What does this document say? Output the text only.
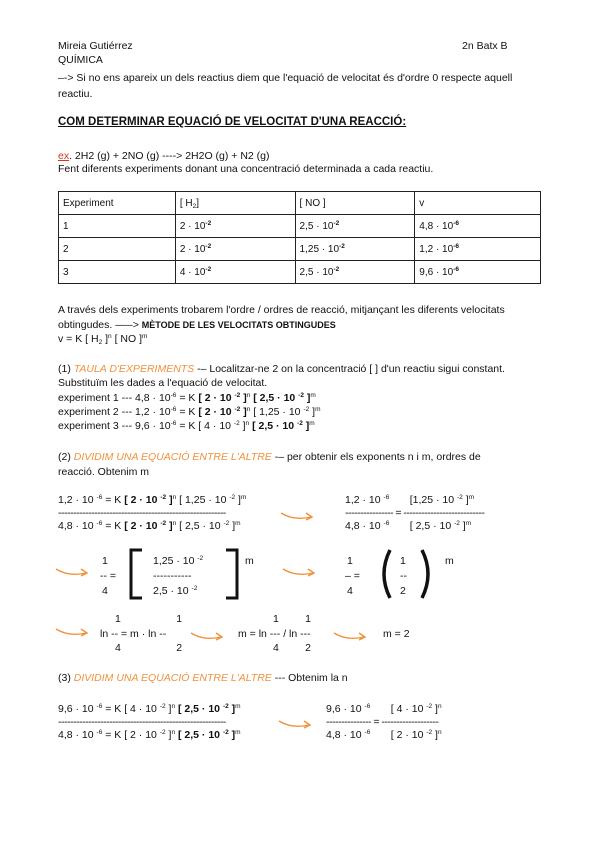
Mireia Gutiérrez
QUÍMICA
2n Batx B
–-> Si no ens apareix un dels reactius diem que l'equació de velocitat és d'ordre 0 respecte aquell
reactiu.
COM DETERMINAR EQUACIÓ DE VELOCITAT D'UNA REACCIÓ:
ex. 2H2 (g) + 2NO (g) ----> 2H2O (g) + N2 (g)
Fent diferents experiments donant una concentració determinada a cada reactiu.
Experiment	[ $H_2$]	[ NO ]	v
1	$2 \cdot 10^{-2}$	$2,5 \cdot 10^{-2}$	$4,8 \cdot 10^{-6}$
2	$2 \cdot 10^{-2}$	$1,25 \cdot 10^{-2}$	$1,2 \cdot 10^{-6}$
3	$4 \cdot 10^{-2}$	$2,5 \cdot 10^{-2}$	$9,6 \cdot 10^{-6}$
A través dels experiments trobarem l'ordre / ordres de reacció, mitjançant les diferents velocitats
obtingudes. –––> MÈTODE DE LES VELOCITATS OBTINGUDES
v = K [ $H_2$ ]$^n$ [ NO ]$^m$
(1) TAULA D'EXPERIMENTS -– Localitzar-ne 2 on la concentració [ ] d'un reactiu sigui constant.
Substituïm les dades a l'equació de velocitat.
experiment 1 --- $4,8 \cdot 10^{-6} = K$ [ 2 · 10 $^{-2}$ ]$^n$ [ 2,5 · 10 $^{-2}$ ]$^m$
experiment 2 --- $1,2 \cdot 10^{-6} = K$ [ 2 · 10 $^{-2}$ ]$^n$ [ 1,25 · 10 $^{-2}$ ]$^m$
experiment 3 --- $9,6 \cdot 10^{-6} = K$ [ 4 · 10 $^{-2}$ ]$^n$ [ 2,5 · 10 $^{-2}$ ]$^m$
(2) DIVIDIM UNA EQUACIÓ ENTRE L'ALTRE -– per obtenir els exponents n i m, ordres de
reacció. Obtenim m
1,2 · 10 $^{-6}$ = K [ 2 · 10 $^{-2}$ ]$^n$ [ 1,25 · 10 $^{-2}$ ]$^m$
--------------------------------------------------------
4,8 · 10 $^{-6}$ = K [ 2 · 10 $^{-2}$ ]$^n$ [ 2,5 · 10 $^{-2}$ ]$^m$
1,2 · 10 $^{-6}$       [1,25 · 10 $^{-2}$ ]$^m$
---------------- = ---------------------------
4,8 · 10 $^{-6}$       [ 2,5 · 10 $^{-2}$ ]$^m$
1
-- =
4
1,25 · 10 $^{-2}$
-----------
2,5 · 10 $^{-2}$
m	1
– =
4
1
--
2
m
1                   1
ln -- = m · ln --
4                   2
1         1
m = ln --- / ln ---
4         2
m = 2
(3) DIVIDIM UNA EQUACIÓ ENTRE L'ALTRE --- Obtenim la n
9,6 · 10 $^{-6}$ = K [ 4 · 10 $^{-2}$ ]$^n$ [ 2,5 · 10 $^{-2}$ ]$^m$
--------------------------------------------------------
4,8 · 10 $^{-6}$ = K [ 2 · 10 $^{-2}$ ]$^n$ [ 2,5 · 10 $^{-2}$ ]$^m$
9,6 · 10 $^{-6}$       [ 4 · 10 $^{-2}$ ]$^n$
--------------- = -------------------
4,8 · 10 $^{-6}$       [ 2 · 10 $^{-2}$ ]$^n$
